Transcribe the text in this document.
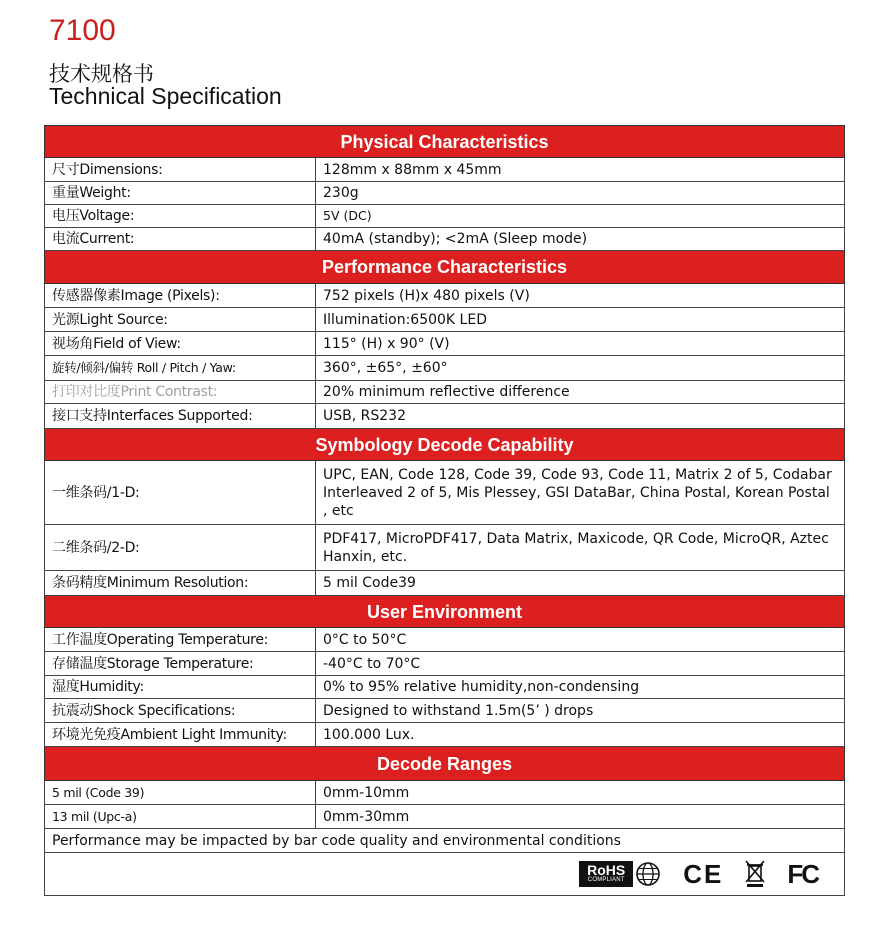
7100
技术规格书
Technical Specification
Physical Characteristics	
尺寸Dimensions:	128mm x 88mm x 45mm
重量Weight:	230g
电压Voltage:	5V (DC)
电流Current:	40mA (standby); <2mA (Sleep mode)
Performance Characteristics	
传感器像素Image (Pixels):	752 pixels (H)x 480 pixels (V)
光源Light Source:	Illumination:6500K LED
视场角Field of View:	115° (H) x 90° (V)
旋转/倾斜/偏转 Roll / Pitch / Yaw:	360°, ±65°, ±60°
打印对比度Print Contrast:	20% minimum reflective difference
接口支持Interfaces Supported:	USB, RS232
Symbology Decode Capability	
一维条码/1-D:	UPC, EAN, Code 128, Code 39, Code 93, Code 11, Matrix 2 of 5, Codabar Interleaved 2 of 5, Mis Plessey, GSI DataBar, China Postal, Korean Postal , etc
二维条码/2-D:	PDF417, MicroPDF417, Data Matrix, Maxicode, QR Code, MicroQR, Aztec Hanxin, etc.
条码精度Minimum Resolution:	5 mil Code39
User Environment	
工作温度Operating Temperature:	0°C to 50°C
存储温度Storage Temperature:	-40°C to 70°C
湿度Humidity:	0% to 95% relative humidity,non-condensing
抗震动Shock Specifications:	Designed to withstand 1.5m(5’ ) drops
环境光免疫Ambient Light Immunity:	100.000 Lux.
Decode Ranges	
5 mil (Code 39)	0mm-10mm
13 mil (Upc-a)	0mm-30mm
Performance may be impacted by bar code quality and environmental conditions	

RoHS
COMPLIANT CE FC	
